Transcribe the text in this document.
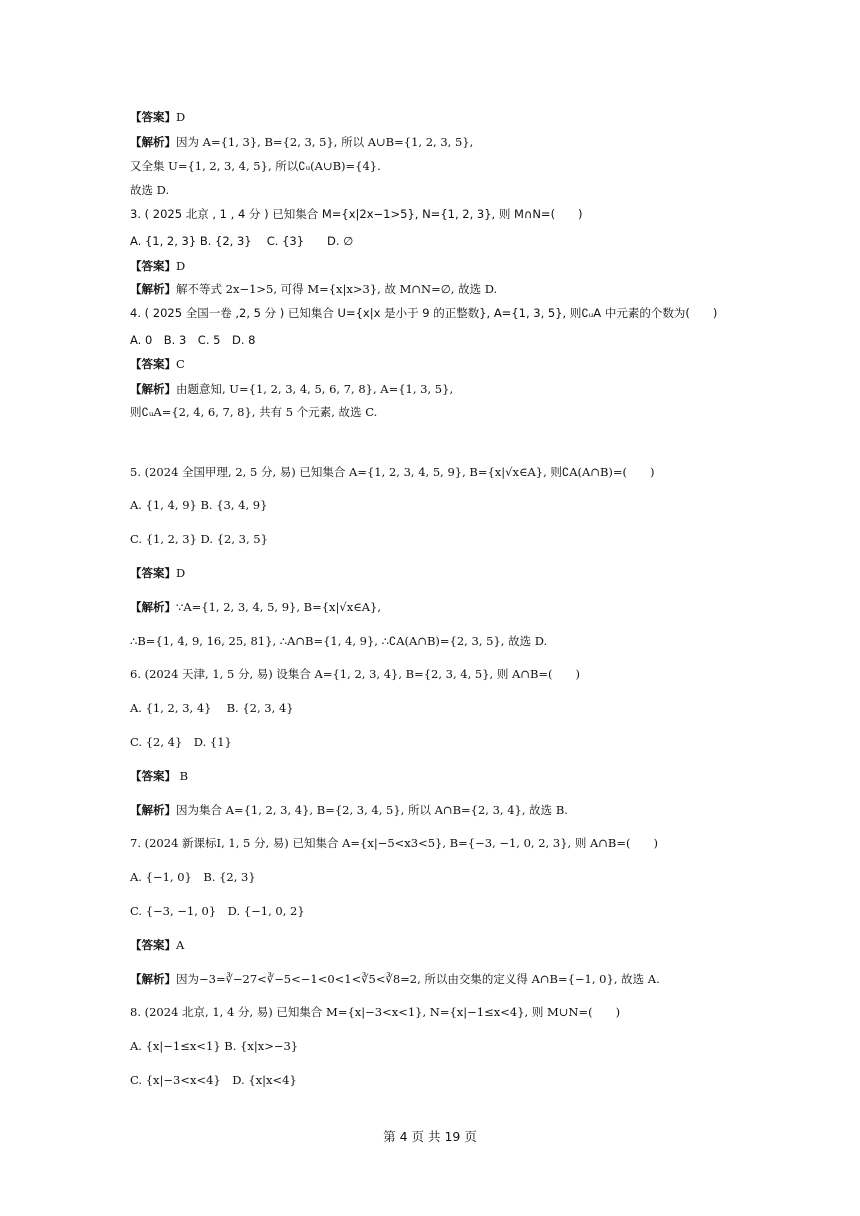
【答案】D
【解析】因为 A={1, 3}, B={2, 3, 5}, 所以 A∪B={1, 2, 3, 5},
又全集 U={1, 2, 3, 4, 5}, 所以∁ᵤ(A∪B)={4}.
故选 D.
3. ( 2025 北京 , 1 , 4 分 ) 已知集合 M={x|2x−1>5}, N={1, 2, 3}, 则 M∩N=(　　)
A. {1, 2, 3} B. {2, 3}　 C. {3}　　D. ∅
【答案】D
【解析】解不等式 2x−1>5, 可得 M={x|x>3}, 故 M∩N=∅, 故选 D.
4. ( 2025 全国一卷 ,2, 5 分 ) 已知集合 U={x|x 是小于 9 的正整数}, A={1, 3, 5}, 则∁ᵤA 中元素的个数为(　　)
A. 0　B. 3　C. 5　D. 8
【答案】C
【解析】由题意知, U={1, 2, 3, 4, 5, 6, 7, 8}, A={1, 3, 5},
则∁ᵤA={2, 4, 6, 7, 8}, 共有 5 个元素, 故选 C.
5. (2024 全国甲理, 2, 5 分, 易) 已知集合 A={1, 2, 3, 4, 5, 9}, B={x|√x∈A}, 则∁A(A∩B)=(　　)
A. {1, 4, 9} B. {3, 4, 9}
C. {1, 2, 3} D. {2, 3, 5}
【答案】D
【解析】∵A={1, 2, 3, 4, 5, 9}, B={x|√x∈A},
∴B={1, 4, 9, 16, 25, 81}, ∴A∩B={1, 4, 9}, ∴∁A(A∩B)={2, 3, 5}, 故选 D.
6. (2024 天津, 1, 5 分, 易) 设集合 A={1, 2, 3, 4}, B={2, 3, 4, 5}, 则 A∩B=(　　)
A. {1, 2, 3, 4}　 B. {2, 3, 4}
C. {2, 4}　D. {1}
【答案】 B
【解析】因为集合 A={1, 2, 3, 4}, B={2, 3, 4, 5}, 所以 A∩B={2, 3, 4}, 故选 B.
7. (2024 新课标Ⅰ, 1, 5 分, 易) 已知集合 A={x|−5<x3<5}, B={−3, −1, 0, 2, 3}, 则 A∩B=(　　)
A. {−1, 0}　B. {2, 3}
C. {−3, −1, 0}　D. {−1, 0, 2}
【答案】A
【解析】因为−3=∛−27<∛−5<−1<0<1<∛5<∛8=2, 所以由交集的定义得 A∩B={−1, 0}, 故选 A.
8. (2024 北京, 1, 4 分, 易) 已知集合 M={x|−3<x<1}, N={x|−1≤x<4}, 则 M∪N=(　　)
A. {x|−1≤x<1} B. {x|x>−3}
C. {x|−3<x<4}　D. {x|x<4}
第 4 页 共 19 页
